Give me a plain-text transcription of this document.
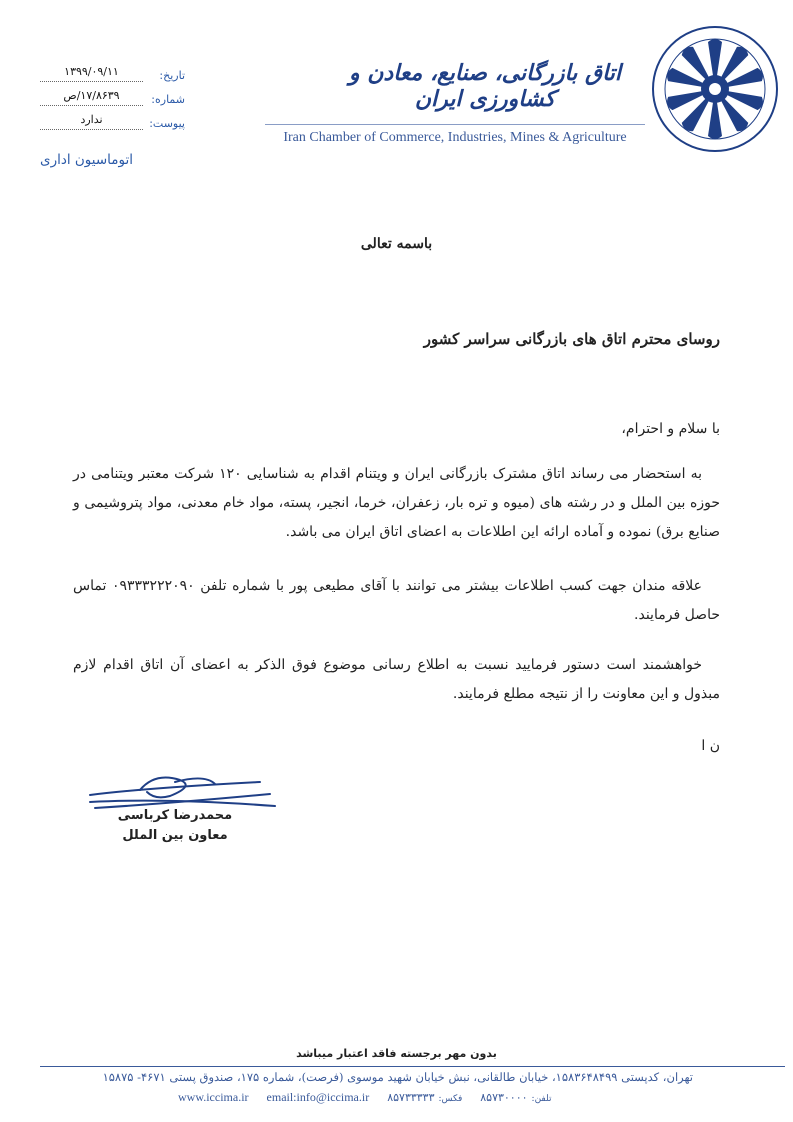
۱۳۹۹/۰۹/۱۱	تاریخ:
۱۷/۸۶۳۹/ص	شماره:
ندارد	پیوست:
اتوماسیون اداری
اتاق بازرگانی، صنایع، معادن و کشاورزی ایران
Iran Chamber of Commerce, Industries, Mines & Agriculture
باسمه تعالی
روسای محترم اتاق های بازرگانی سراسر کشور
با سلام و احترام،
به استحضار می رساند اتاق مشترک بازرگانی ایران و ویتنام اقدام به شناسایی ۱۲۰ شرکت معتبر ویتنامی در حوزه بین الملل و در رشته های (میوه و تره بار، زعفران، خرما، انجیر، پسته، مواد خام معدنی، مواد پتروشیمی و صنایع برق) نموده و آماده ارائه این اطلاعات به اعضای اتاق ایران می باشد.
علاقه مندان جهت کسب اطلاعات بیشتر می توانند با آقای مطیعی پور با شماره تلفن ۰۹۳۳۳۲۲۲۰۹۰ تماس حاصل فرمایند.
خواهشمند است دستور فرمایید نسبت به اطلاع رسانی موضوع فوق الذکر به اعضای آن اتاق اقدام لازم مبذول و این معاونت را از نتیجه مطلع فرمایند.
ن ا
محمدرضا کرباسی
معاون بین الملل
بدون مهر برجسته فاقد اعتبار میباشد
تهران، کدپستی ۱۵۸۳۶۴۸۴۹۹، خیابان طالقانی، نبش خیابان شهید موسوی (فرصت)، شماره ۱۷۵، صندوق پستی ۴۶۷۱- ۱۵۸۷۵
www.iccima.ir email:info@iccima.ir	فکس:۸۵۷۳۳۳۳۳	تلفن:۸۵۷۳۰۰۰۰
